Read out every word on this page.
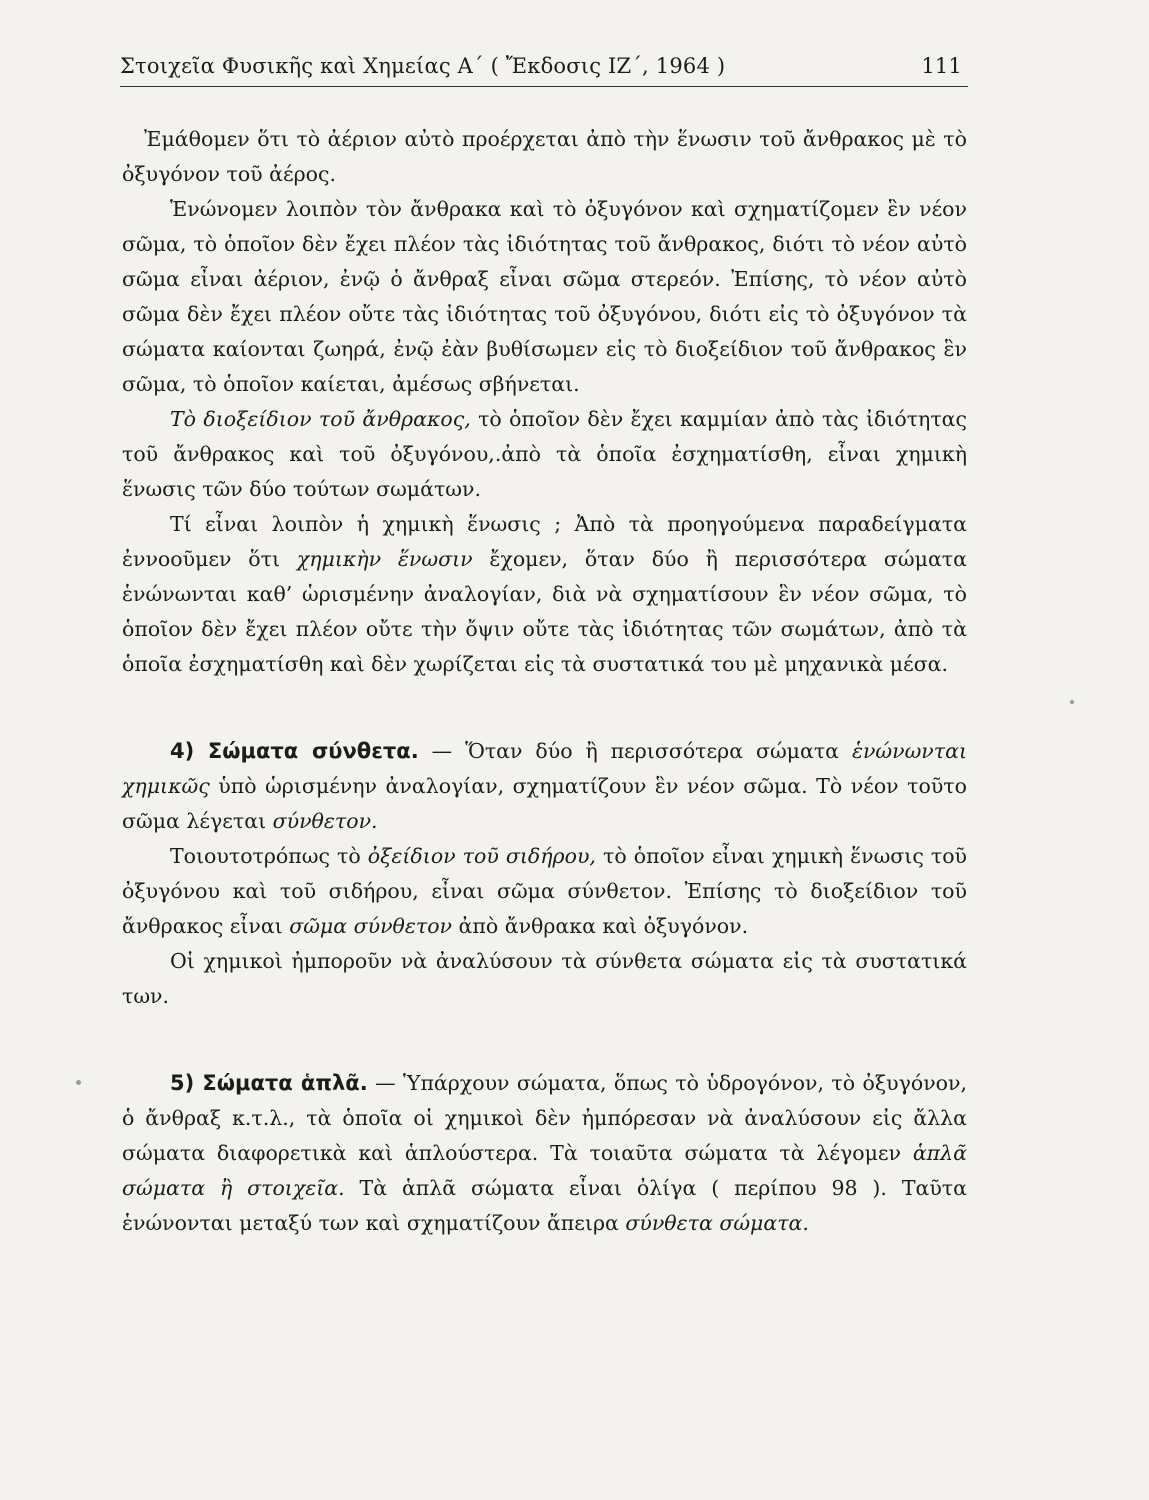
Στοιχεῖα Φυσικῆς καὶ Χημείας Α΄ ( Ἔκδοσις ΙΖ΄, 1964 )	111

Ἐμάθομεν ὅτι τὸ ἀέριον αὐτὸ προέρχεται ἀπὸ τὴν ἕνωσιν τοῦ ἄνθρακος μὲ τὸ ὀξυγόνον τοῦ ἀέρος.

Ἑνώνομεν λοιπὸν τὸν ἄνθρακα καὶ τὸ ὀξυγόνον καὶ σχηματίζομεν ἓν νέον σῶμα, τὸ ὁποῖον δὲν ἔχει πλέον τὰς ἰδιότητας τοῦ ἄνθρακος, διότι τὸ νέον αὐτὸ σῶμα εἶναι ἀέριον, ἐνῷ ὁ ἄνθραξ εἶναι σῶμα στερεόν. Ἐπίσης, τὸ νέον αὐτὸ σῶμα δὲν ἔχει πλέον οὔτε τὰς ἰδιότητας τοῦ ὀξυγόνου, διότι εἰς τὸ ὀξυγόνον τὰ σώματα καίονται ζωηρά, ἐνῷ ἐὰν βυθίσωμεν εἰς τὸ διοξείδιον τοῦ ἄνθρακος ἓν σῶμα, τὸ ὁποῖον καίεται, ἀμέσως σβήνεται.

Τὸ διοξείδιον τοῦ ἄνθρακος, τὸ ὁποῖον δὲν ἔχει καμμίαν ἀπὸ τὰς ἰδιότητας τοῦ ἄνθρακος καὶ τοῦ ὀξυγόνου,.ἀπὸ τὰ ὁποῖα ἐσχηματίσθη, εἶναι χημικὴ ἕνωσις τῶν δύο τούτων σωμάτων.

Τί εἶναι λοιπὸν ἡ χημικὴ ἕνωσις ; Ἀπὸ τὰ προηγούμενα παραδείγματα ἐννοοῦμεν ὅτι χημικὴν ἕνωσιν ἔχομεν, ὅταν δύο ἢ περισσότερα σώματα ἑνώνωνται καθ’ ὡρισμένην ἀναλογίαν, διὰ νὰ σχηματίσουν ἓν νέον σῶμα, τὸ ὁποῖον δὲν ἔχει πλέον οὔτε τὴν ὄψιν οὔτε τὰς ἰδιότητας τῶν σωμάτων, ἀπὸ τὰ ὁποῖα ἐσχηματίσθη καὶ δὲν χωρίζεται εἰς τὰ συστατικά του μὲ μηχανικὰ μέσα.

4) Σώματα σύνθετα. — Ὅταν δύο ἢ περισσότερα σώματα ἑνώνωνται χημικῶς ὑπὸ ὡρισμένην ἀναλογίαν, σχηματίζουν ἓν νέον σῶμα. Τὸ νέον τοῦτο σῶμα λέγεται σύνθετον.

Τοιουτοτρόπως τὸ ὀξείδιον τοῦ σιδήρου, τὸ ὁποῖον εἶναι χημικὴ ἕνωσις τοῦ ὀξυγόνου καὶ τοῦ σιδήρου, εἶναι σῶμα σύνθετον. Ἐπίσης τὸ διοξείδιον τοῦ ἄνθρακος εἶναι σῶμα σύνθετον ἀπὸ ἄνθρακα καὶ ὀξυγόνον.

Οἱ χημικοὶ ἠμποροῦν νὰ ἀναλύσουν τὰ σύνθετα σώματα εἰς τὰ συστατικά των.

5) Σώματα ἁπλᾶ. — Ὑπάρχουν σώματα, ὅπως τὸ ὑδρογόνον, τὸ ὀξυγόνον, ὁ ἄνθραξ κ.τ.λ., τὰ ὁποῖα οἱ χημικοὶ δὲν ἠμπόρεσαν νὰ ἀναλύσουν εἰς ἄλλα σώματα διαφορετικὰ καὶ ἁπλούστερα. Τὰ τοιαῦτα σώματα τὰ λέγομεν ἁπλᾶ σώματα ἢ στοιχεῖα. Τὰ ἁπλᾶ σώματα εἶναι ὀλίγα ( περίπου 98 ). Ταῦτα ἑνώνονται μεταξύ των καὶ σχηματίζουν ἄπειρα σύνθετα σώματα.
